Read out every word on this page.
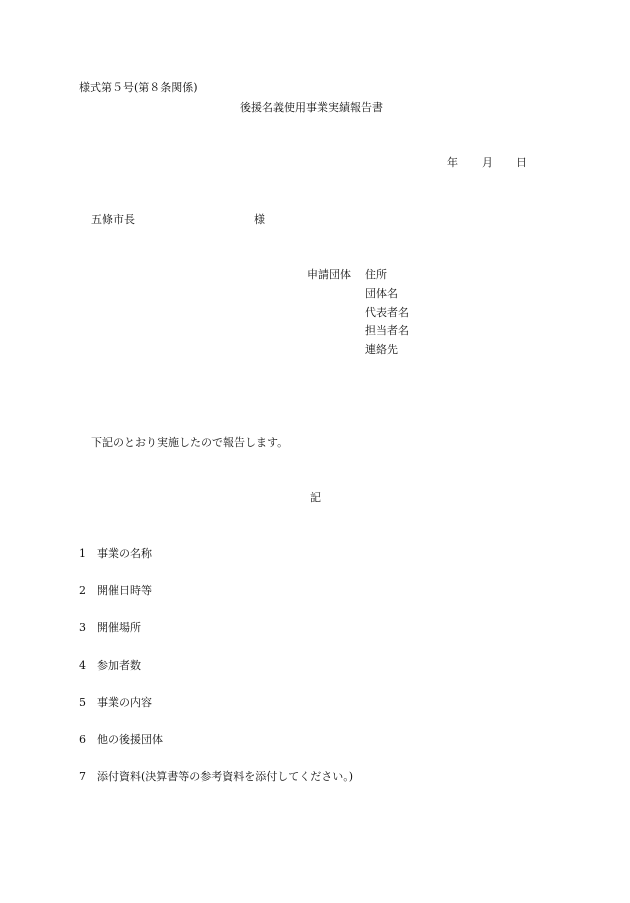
様式第５号(第８条関係)
後援名義使用事業実績報告書
年 月 日
五條市長	様
申請団体 住所
団体名
代表者名
担当者名
連絡先
下記のとおり実施したので報告します。
記
1 事業の名称
2 開催日時等
3 開催場所
4 参加者数
5 事業の内容
6 他の後援団体
7 添付資料(決算書等の参考資料を添付してください。)
